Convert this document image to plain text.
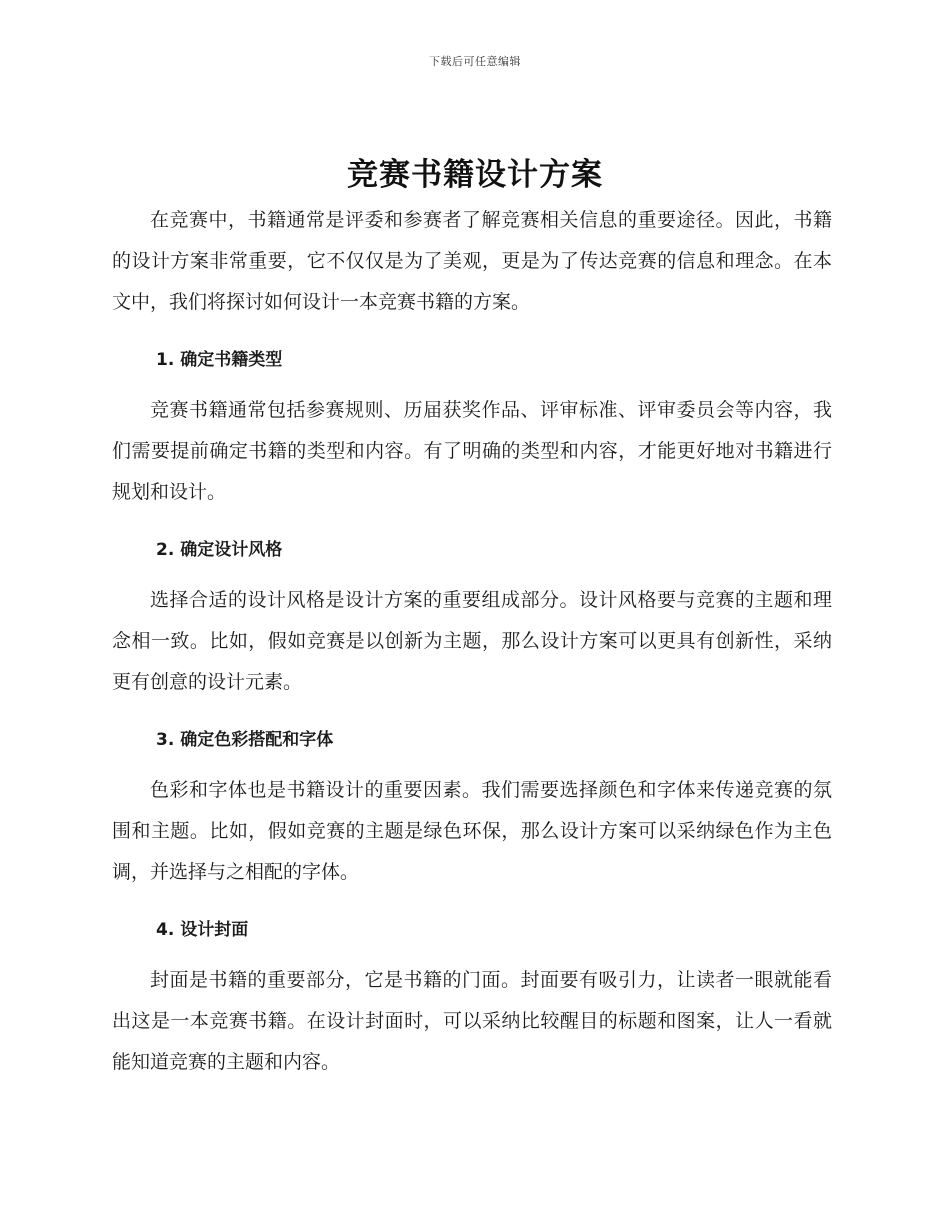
下载后可任意编辑
竞赛书籍设计方案

在竞赛中，书籍通常是评委和参赛者了解竞赛相关信息的重要途径。因此，书籍的设计方案非常重要，它不仅仅是为了美观，更是为了传达竞赛的信息和理念。在本文中，我们将探讨如何设计一本竞赛书籍的方案。

1. 确定书籍类型

竞赛书籍通常包括参赛规则、历届获奖作品、评审标准、评审委员会等内容，我们需要提前确定书籍的类型和内容。有了明确的类型和内容，才能更好地对书籍进行规划和设计。

2. 确定设计风格

选择合适的设计风格是设计方案的重要组成部分。设计风格要与竞赛的主题和理念相一致。比如，假如竞赛是以创新为主题，那么设计方案可以更具有创新性，采纳更有创意的设计元素。

3. 确定色彩搭配和字体

色彩和字体也是书籍设计的重要因素。我们需要选择颜色和字体来传递竞赛的氛围和主题。比如，假如竞赛的主题是绿色环保，那么设计方案可以采纳绿色作为主色调，并选择与之相配的字体。

4. 设计封面

封面是书籍的重要部分，它是书籍的门面。封面要有吸引力，让读者一眼就能看出这是一本竞赛书籍。在设计封面时，可以采纳比较醒目的标题和图案，让人一看就能知道竞赛的主题和内容。
